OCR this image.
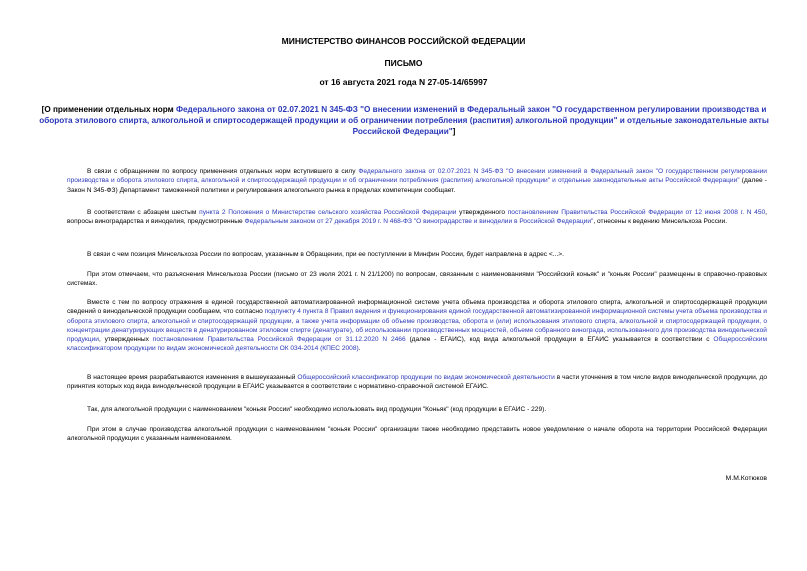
МИНИСТЕРСТВО ФИНАНСОВ РОССИЙСКОЙ ФЕДЕРАЦИИ
ПИСЬМО
от 16 августа 2021 года N 27-05-14/65997
[О применении отдельных норм Федерального закона от 02.07.2021 N 345-ФЗ "О внесении изменений в Федеральный закон "О государственном регулировании производства и оборота этилового спирта, алкогольной и спиртосодержащей продукции и об ограничении потребления (распития) алкогольной продукции" и отдельные законодательные акты Российской Федерации"]
В связи с обращением по вопросу применения отдельных норм вступившего в силу Федерального закона от 02.07.2021 N 345-ФЗ "О внесении изменений в Федеральный закон "О государственном регулировании производства и оборота этилового спирта, алкогольной и спиртосодержащей продукции и об ограничении потребления (распития) алкогольной продукции" и отдельные законодательные акты Российской Федерации" (далее - Закон N 345-ФЗ) Департамент таможенной политики и регулирования алкогольного рынка в пределах компетенции сообщает.
В соответствии с абзацем шестым пункта 2 Положения о Министерстве сельского хозяйства Российской Федерации утвержденного постановлением Правительства Российской Федерации от 12 июня 2008 г. N 450, вопросы виноградарства и виноделия, предусмотренные Федеральным законом от 27 декабря 2019 г. N 468-ФЗ "О виноградарстве и виноделии в Российской Федерации", отнесены к ведению Минсельхоза России.
В связи с чем позиция Минсельхоза России по вопросам, указанным в Обращении, при ее поступлении в Минфин России, будет направлена в адрес <...>.
При этом отмечаем, что разъяснения Минсельхоза России (письмо от 23 июля 2021 г. N 21/1200) по вопросам, связанным с наименованиями "Российский коньяк" и "коньяк России" размещены в справочно-правовых системах.
Вместе с тем по вопросу отражения в единой государственной автоматизированной информационной системе учета объема производства и оборота этилового спирта, алкогольной и спиртосодержащей продукции сведений о винодельческой продукции сообщаем, что согласно подпункту 4 пункта 8 Правил ведения и функционирования единой государственной автоматизированной информационной системы учета объема производства и оборота этилового спирта, алкогольной и спиртосодержащей продукции, а также учета информации об объеме производства, оборота и (или) использования этилового спирта, алкогольной и спиртосодержащей продукции, о концентрации денатурирующих веществ в денатурированном этиловом спирте (денатурате), об использовании производственных мощностей, объеме собранного винограда, использованного для производства винодельческой продукции, утвержденных постановлением Правительства Российской Федерации от 31.12.2020 N 2466 (далее - ЕГАИС), код вида алкогольной продукции в ЕГАИС указывается в соответствии с Общероссийским классификатором продукции по видам экономической деятельности ОК 034-2014 (КПЕС 2008).
В настоящее время разрабатываются изменения в вышеуказанный Общероссийский классификатор продукции по видам экономической деятельности в части уточнения в том числе видов винодельческой продукции, до принятия которых код вида винодельческой продукции в ЕГАИС указывается в соответствии с нормативно-справочной системой ЕГАИС.
Так, для алкогольной продукции с наименованием "коньяк России" необходимо использовать вид продукции "Коньяк" (код продукции в ЕГАИС - 229).
При этом в случае производства алкогольной продукции с наименованием "коньяк России" организации также необходимо представить новое уведомление о начале оборота на территории Российской Федерации алкогольной продукции с указанным наименованием.
М.М.Котюков
